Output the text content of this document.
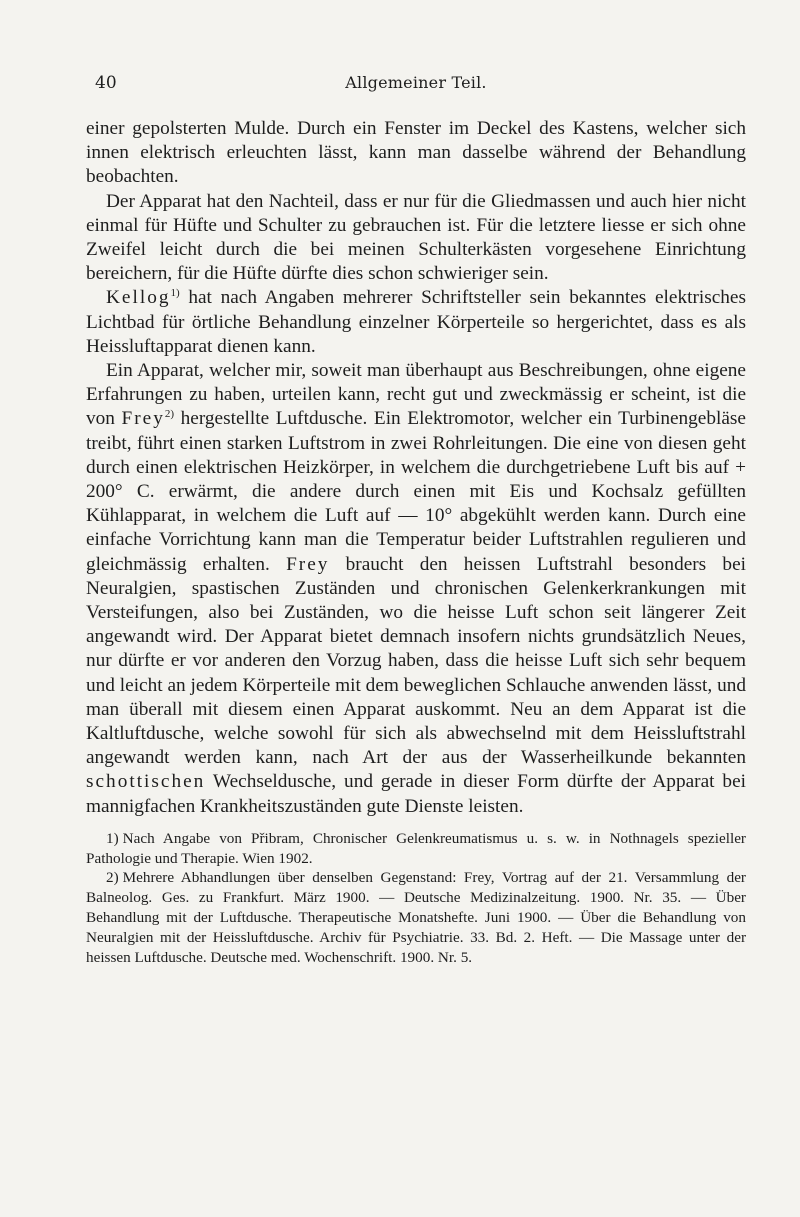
40	Allgemeiner Teil.

einer gepolsterten Mulde. Durch ein Fenster im Deckel des Kastens, welcher sich innen elektrisch erleuchten lässt, kann man dasselbe während der Behandlung beobachten.

Der Apparat hat den Nachteil, dass er nur für die Gliedmassen und auch hier nicht einmal für Hüfte und Schulter zu gebrauchen ist. Für die letztere liesse er sich ohne Zweifel leicht durch die bei meinen Schulterkästen vorgesehene Einrichtung bereichern, für die Hüfte dürfte dies schon schwieriger sein.

Kellog$^{1)}$ hat nach Angaben mehrerer Schriftsteller sein bekanntes elektrisches Lichtbad für örtliche Behandlung einzelner Körperteile so hergerichtet, dass es als Heissluftapparat dienen kann.

Ein Apparat, welcher mir, soweit man überhaupt aus Beschreibungen, ohne eigene Erfahrungen zu haben, urteilen kann, recht gut und zweckmässig er scheint, ist die von Frey$^{2)}$ hergestellte Luftdusche. Ein Elektromotor, welcher ein Turbinengebläse treibt, führt einen starken Luftstrom in zwei Rohrleitungen. Die eine von diesen geht durch einen elektrischen Heizkörper, in welchem die durchgetriebene Luft bis auf + 200° C. erwärmt, die andere durch einen mit Eis und Kochsalz gefüllten Kühlapparat, in welchem die Luft auf — 10° abgekühlt werden kann. Durch eine einfache Vorrichtung kann man die Temperatur beider Luftstrahlen regulieren und gleichmässig erhalten. Frey braucht den heissen Luftstrahl besonders bei Neuralgien, spastischen Zuständen und chronischen Gelenkerkrankungen mit Versteifungen, also bei Zuständen, wo die heisse Luft schon seit längerer Zeit angewandt wird. Der Apparat bietet demnach insofern nichts grundsätzlich Neues, nur dürfte er vor anderen den Vorzug haben, dass die heisse Luft sich sehr bequem und leicht an jedem Körperteile mit dem beweglichen Schlauche anwenden lässt, und man überall mit diesem einen Apparat auskommt. Neu an dem Apparat ist die Kaltluftdusche, welche sowohl für sich als abwechselnd mit dem Heissluftstrahl angewandt werden kann, nach Art der aus der Wasserheilkunde bekannten schottischen Wechseldusche, und gerade in dieser Form dürfte der Apparat bei mannigfachen Krankheitszuständen gute Dienste leisten.

1) Nach Angabe von Přibram, Chronischer Gelenkreumatismus u. s. w. in Nothnagels spezieller Pathologie und Therapie. Wien 1902.

2) Mehrere Abhandlungen über denselben Gegenstand: Frey, Vortrag auf der 21. Versammlung der Balneolog. Ges. zu Frankfurt. März 1900. — Deutsche Medizinalzeitung. 1900. Nr. 35. — Über Behandlung mit der Luftdusche. Therapeutische Monatshefte. Juni 1900. — Über die Behandlung von Neuralgien mit der Heissluftdusche. Archiv für Psychiatrie. 33. Bd. 2. Heft. — Die Massage unter der heissen Luftdusche. Deutsche med. Wochenschrift. 1900. Nr. 5.
